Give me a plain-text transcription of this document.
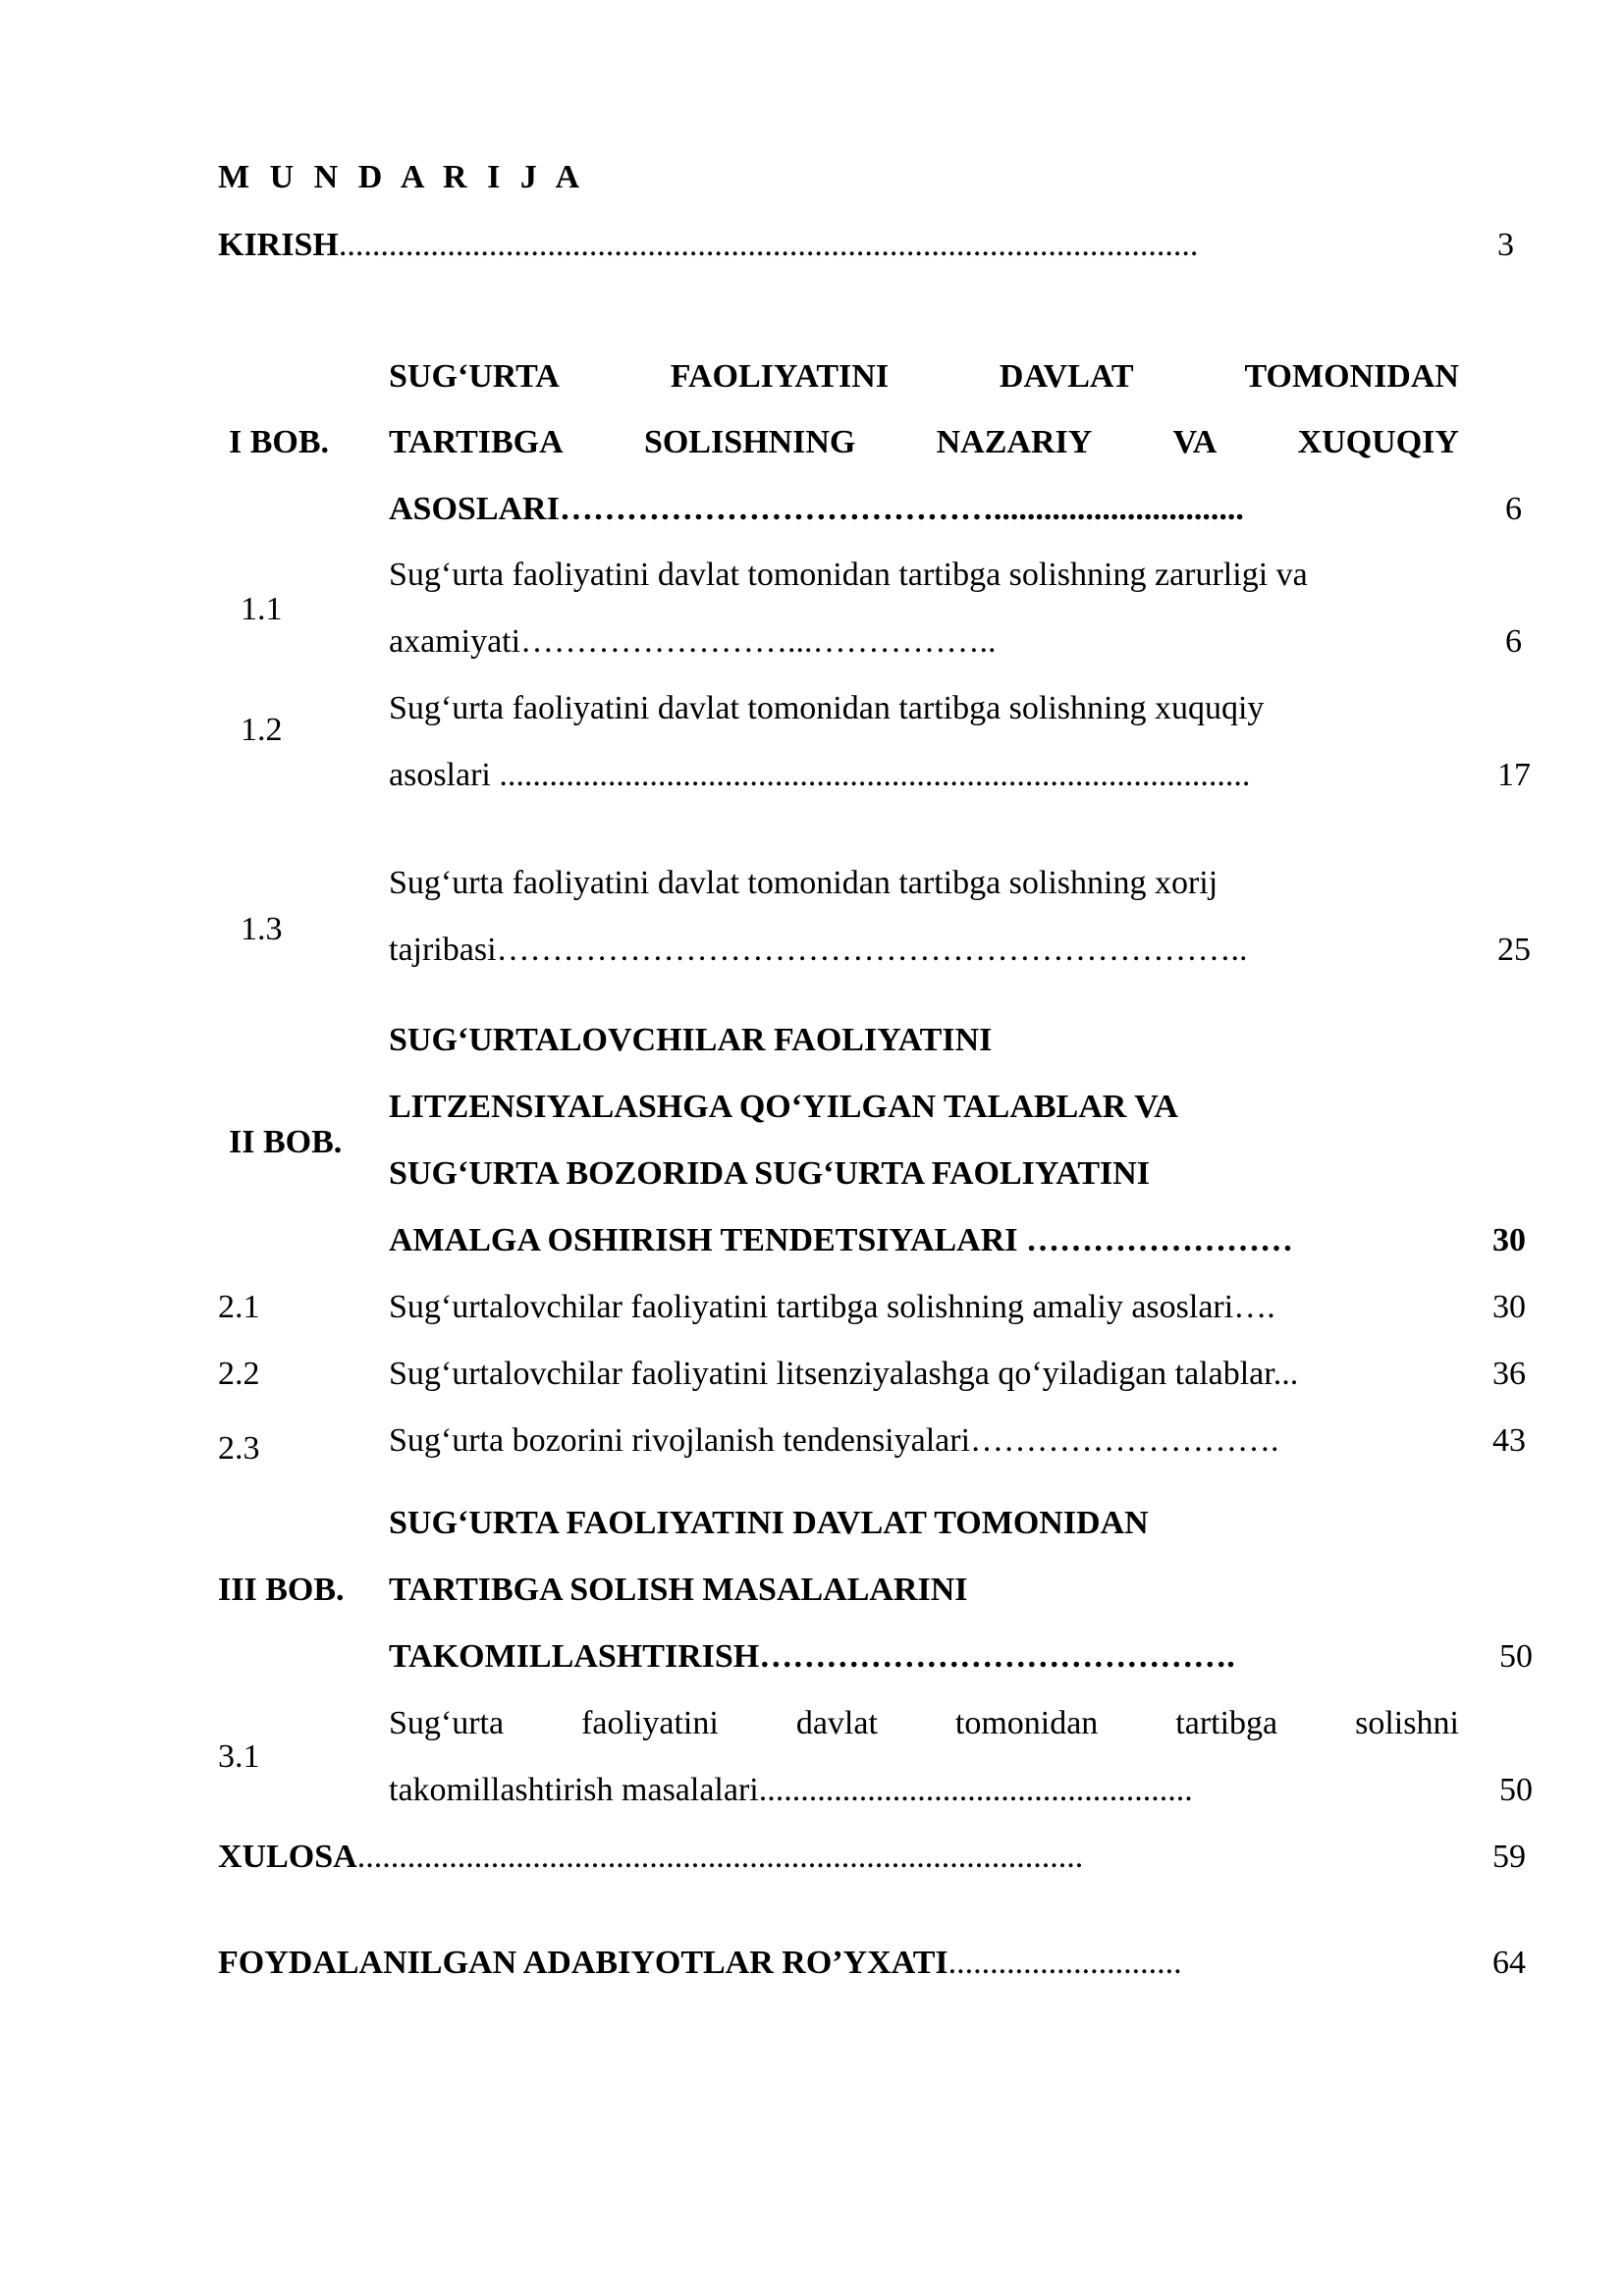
M U N D A R I J A
KIRISH.......................................................................................................	3
I BOB.
SUG‘URTA	FAOLIYATINI	DAVLAT	TOMONIDAN
TARTIBGA SOLISHNING NAZARIY VA XUQUQIY
ASOSLARI…………………………………..............................	6
1.1
Sug‘urta faoliyatini davlat tomonidan tartibga solishning zarurligi va
axamiyati……………………...……………..	6
1.2
Sug‘urta faoliyatini davlat tomonidan tartibga solishning xuquqiy
asoslari ..........................................................................................	17
1.3
Sug‘urta faoliyatini davlat tomonidan tartibga solishning xorij
tajribasi…………………………………………………………..	25
II BOB.
SUG‘URTALOVCHILAR FAOLIYATINI
LITZENSIYALASHGA QO‘YILGAN TALABLAR VA
SUG‘URTA BOZORIDA SUG‘URTA FAOLIYATINI
AMALGA OSHIRISH TENDETSIYALARI ……………………	30
2.1	Sug‘urtalovchilar faoliyatini tartibga solishning amaliy asoslari….	30
2.2	Sug‘urtalovchilar faoliyatini litsenziyalashga qo‘yiladigan talablar...	36
2.3	Sug‘urta bozorini rivojlanish tendensiyalari……………………….	43
III BOB.
SUG‘URTA FAOLIYATINI DAVLAT TOMONIDAN
TARTIBGA SOLISH MASALALARINI
TAKOMILLASHTIRISH…………………………………….	50
3.1
Sug‘urta faoliyatini davlat tomonidan tartibga solishni
takomillashtirish masalalari....................................................	50
XULOSA.......................................................................................	59
FOYDALANILGAN ADABIYOTLAR RO’YXATI............................	64
